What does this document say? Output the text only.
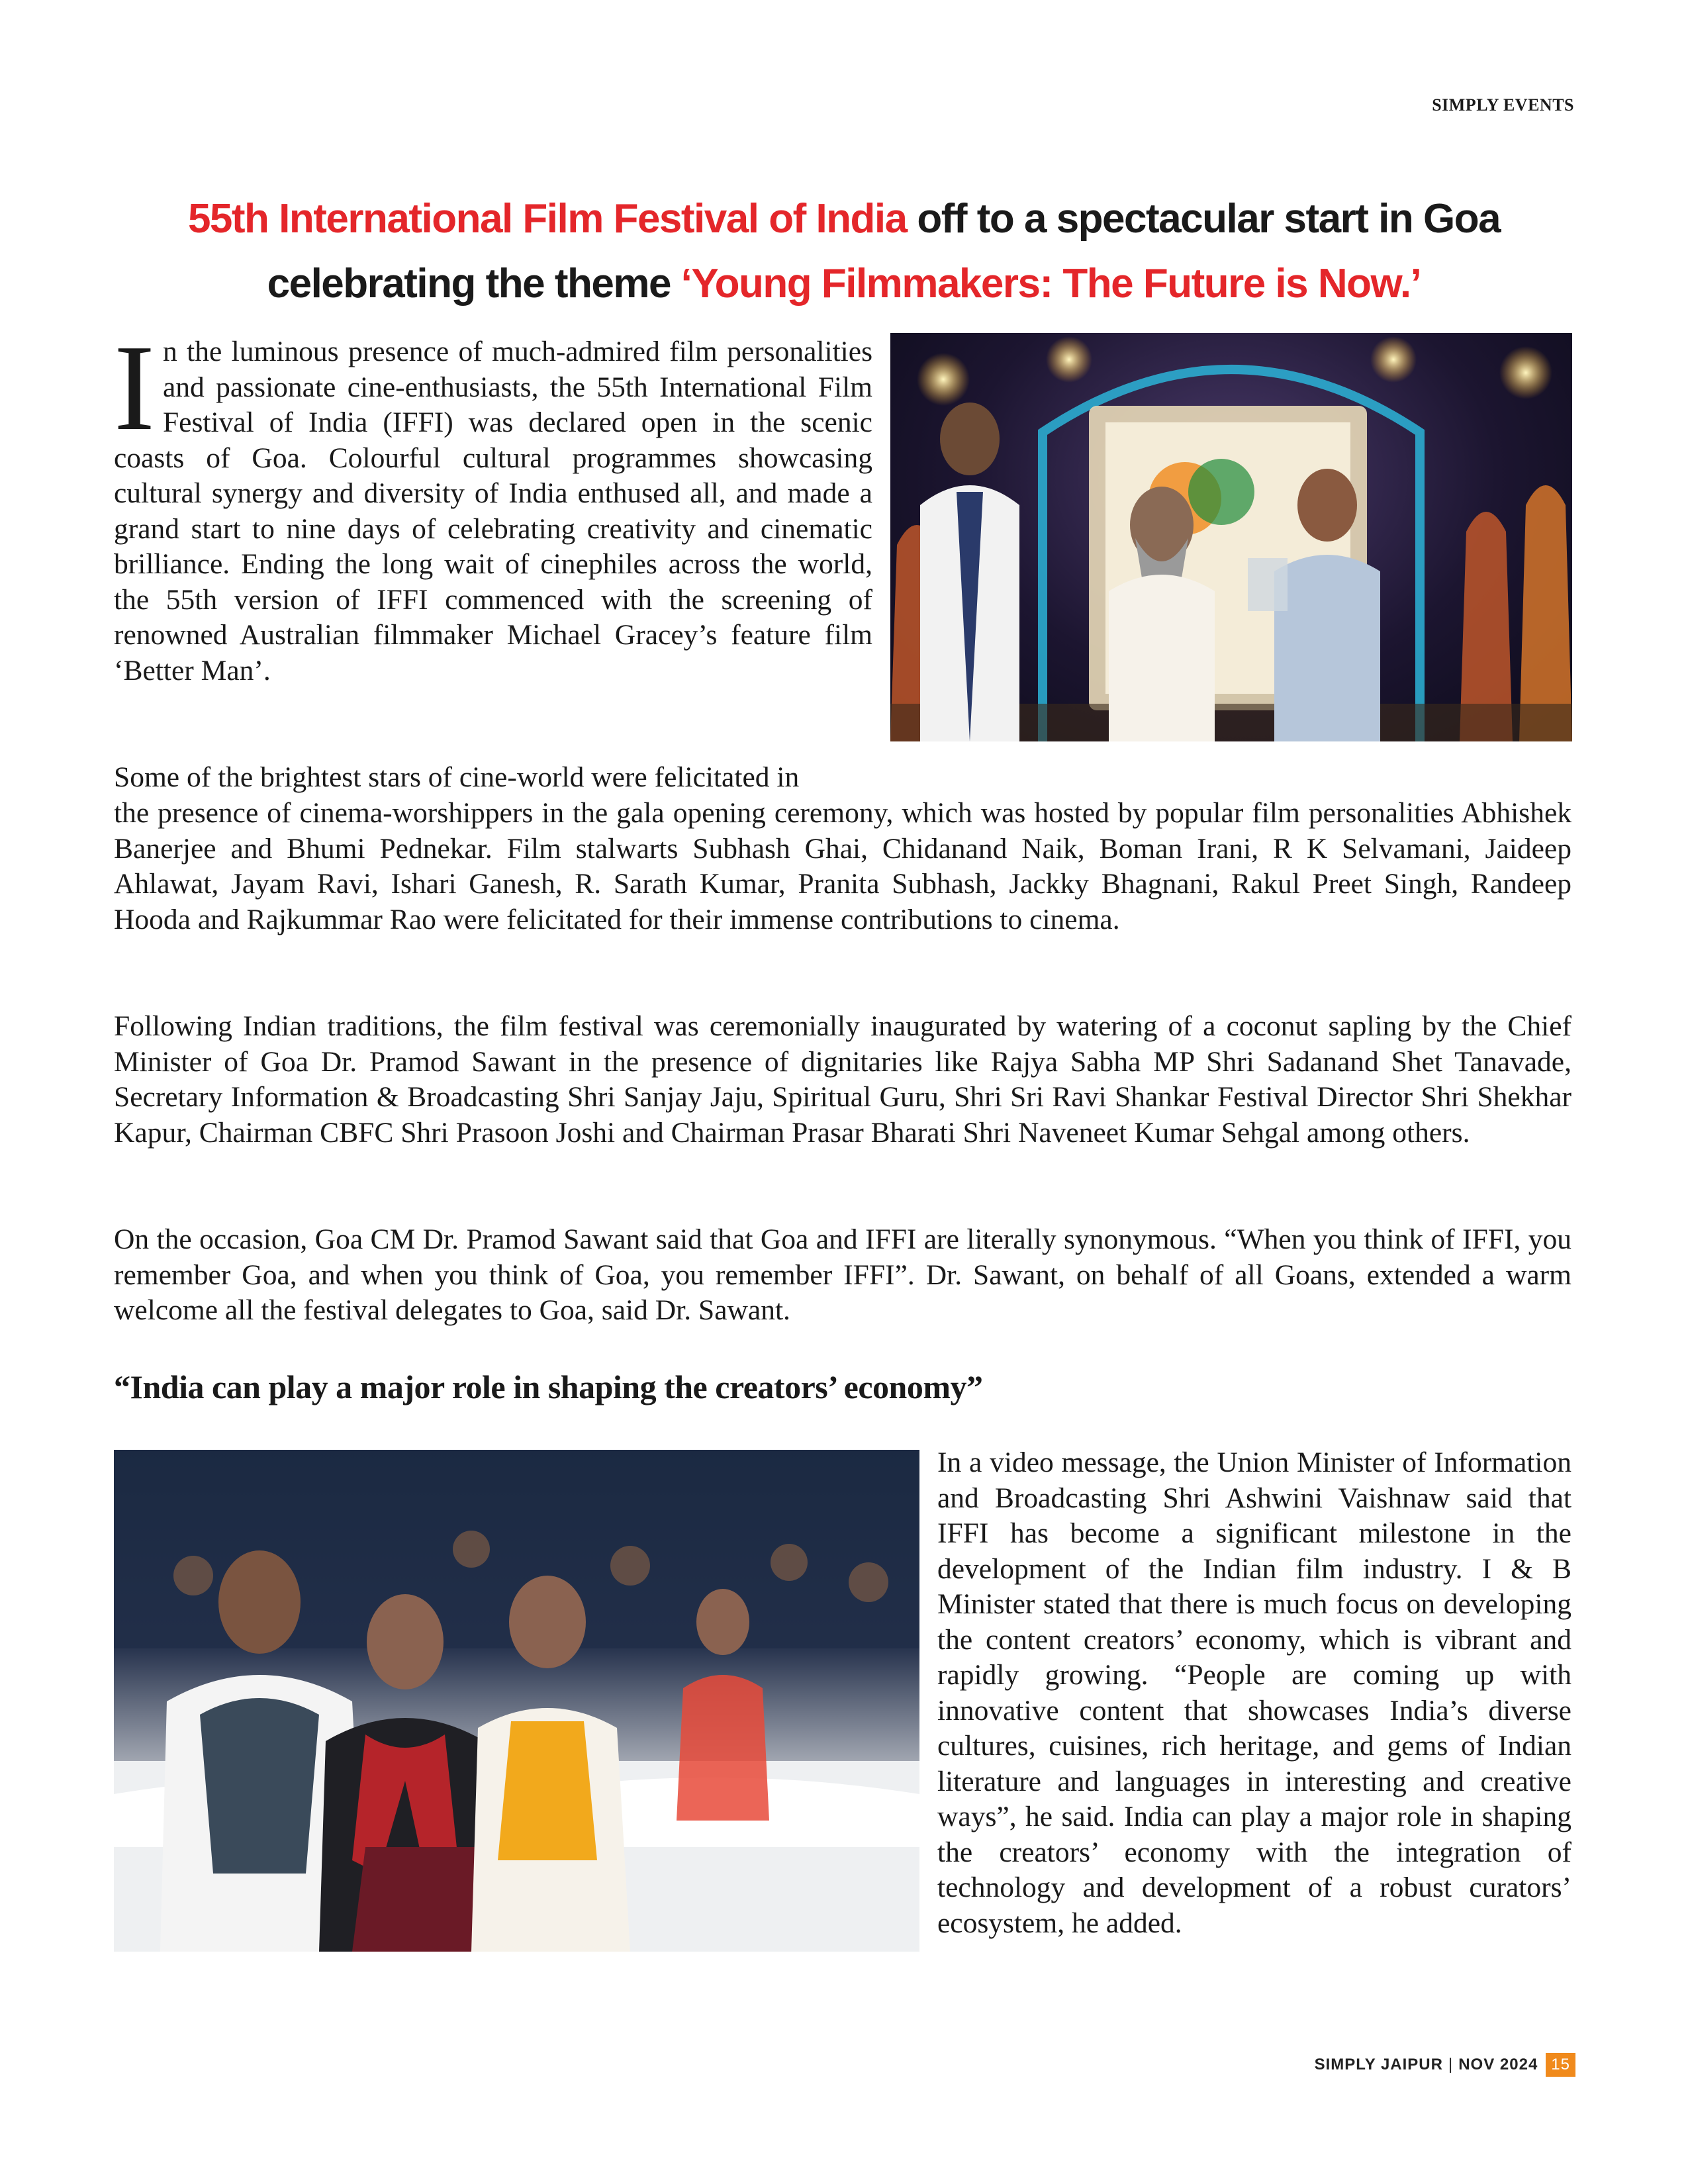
SIMPLY EVENTS
55th International Film Festival of India off to a spectacular start in Goa celebrating the theme ‘Young Filmmakers: The Future is Now.’
In the luminous presence of much-admired film personalities and passionate cine-enthusiasts, the 55th International Film Festival of India (IFFI) was declared open in the scenic coasts of Goa. Colourful cultural programmes showcasing cultural synergy and diversity of India enthused all, and made a grand start to nine days of celebrating creativity and cinematic brilliance. Ending the long wait of cinephiles across the world, the 55th version of IFFI commenced with the screening of renowned Australian filmmaker Michael Gracey’s feature film ‘Better Man’.
Some of the brightest stars of cine-world were felicitated in
the presence of cinema-worshippers in the gala opening ceremony, which was hosted by popular film personalities Abhishek Banerjee and Bhumi Pednekar. Film stalwarts Subhash Ghai, Chidanand Naik, Boman Irani, R K Selvamani, Jaideep Ahlawat, Jayam Ravi, Ishari Ganesh, R. Sarath Kumar, Pranita Subhash, Jackky Bhagnani, Rakul Preet Singh, Randeep Hooda and Rajkummar Rao were felicitated for their immense contributions to cinema.
Following Indian traditions, the film festival was ceremonially inaugurated by watering of a coconut sapling by the Chief Minister of Goa Dr. Pramod Sawant in the presence of dignitaries like Rajya Sabha MP Shri Sadanand Shet Tanavade, Secretary Information & Broadcasting Shri Sanjay Jaju, Spiritual Guru, Shri Sri Ravi Shankar Festival Director Shri Shekhar Kapur, Chairman CBFC Shri Prasoon Joshi and Chairman Prasar Bharati Shri Naveneet Kumar Sehgal among others.
On the occasion, Goa CM Dr. Pramod Sawant said that Goa and IFFI are literally synonymous. “When you think of IFFI, you remember Goa, and when you think of Goa, you remember IFFI”. Dr. Sawant, on behalf of all Goans, extended a warm welcome all the festival delegates to Goa, said Dr. Sawant.
“India can play a major role in shaping the creators’ economy”
In a video message, the Union Minister of Information and Broadcasting Shri Ashwini Vaishnaw said that IFFI has become a significant milestone in the development of the Indian film industry. I & B Minister stated that there is much focus on developing the content creators’ economy, which is vibrant and rapidly growing. “People are coming up with innovative content that showcases India’s diverse cultures, cuisines, rich heritage, and gems of Indian literature and languages in interesting and creative ways”, he said. India can play a major role in shaping the creators’ economy with the integration of technology and development of a robust curators’ ecosystem, he added.
SIMPLY JAIPUR | NOV 2024 15
